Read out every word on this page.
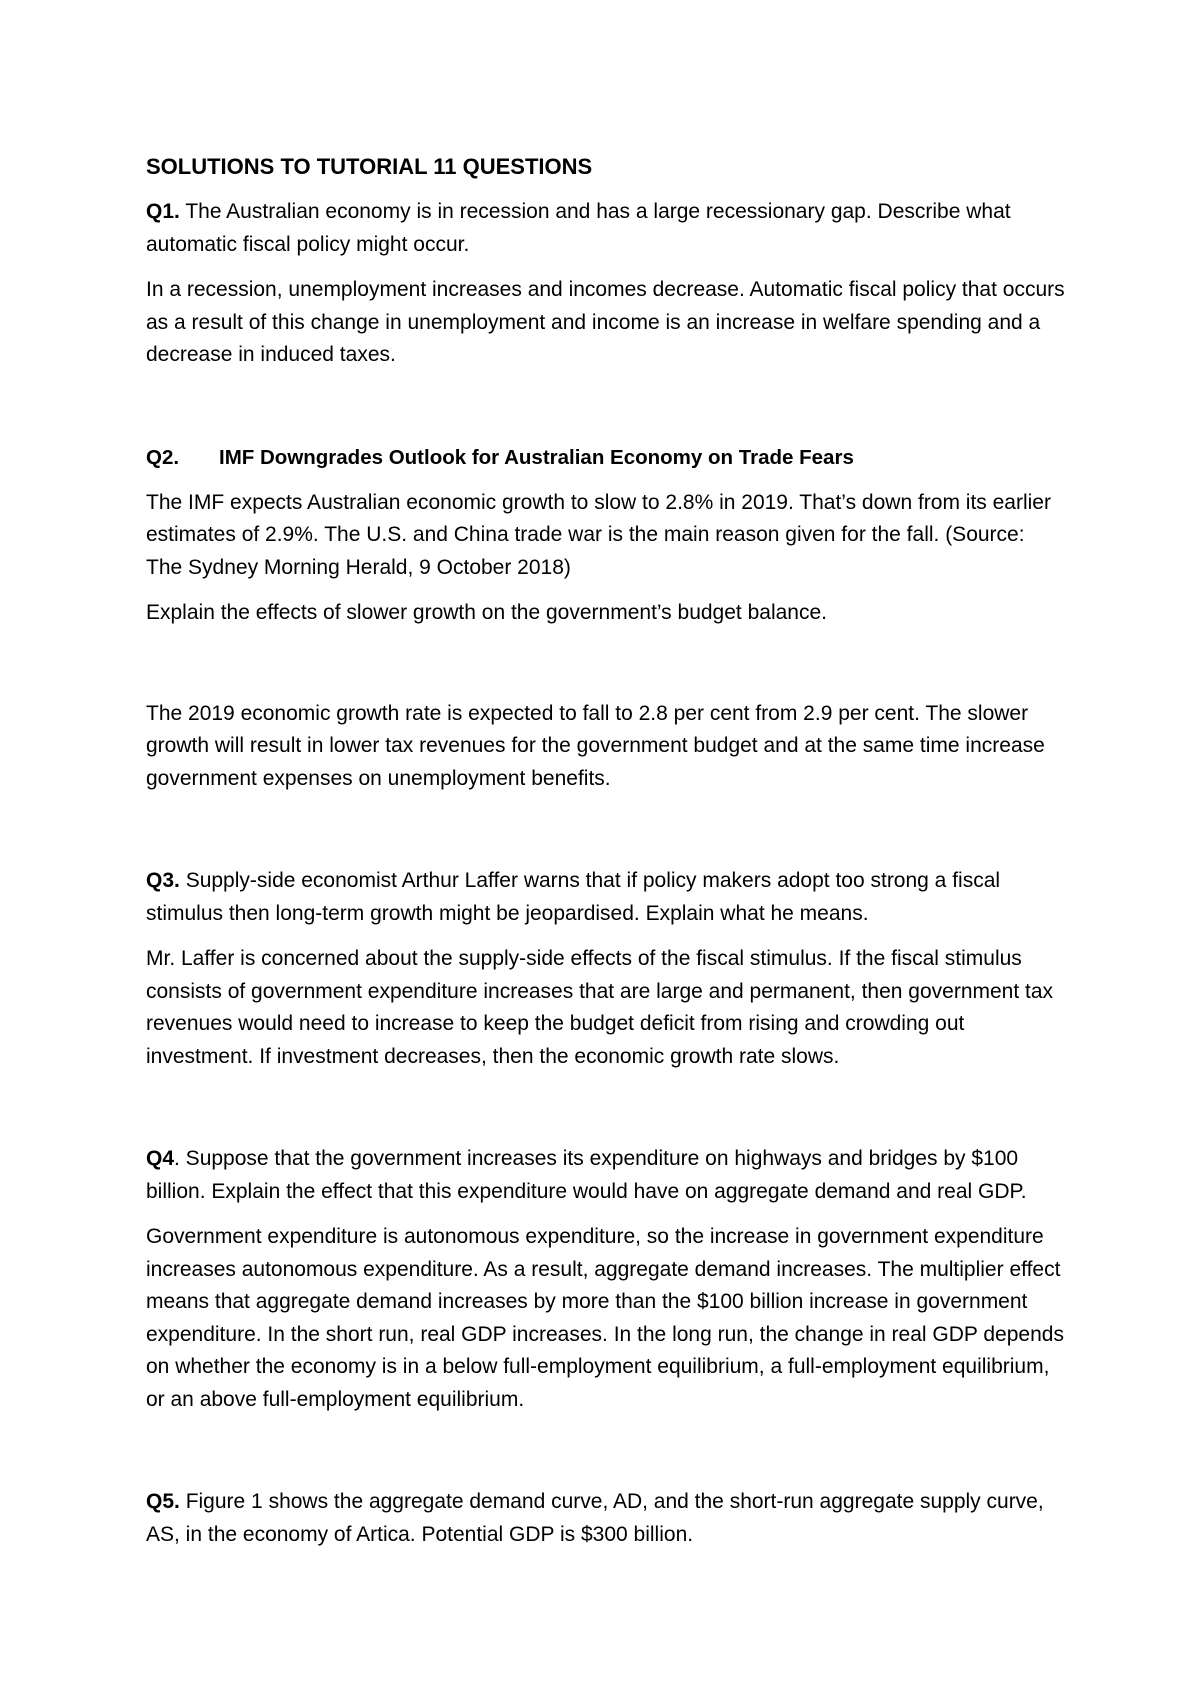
SOLUTIONS TO TUTORIAL 11 QUESTIONS
Q1. The Australian economy is in recession and has a large recessionary gap. Describe what automatic fiscal policy might occur.
In a recession, unemployment increases and incomes decrease. Automatic fiscal policy that occurs as a result of this change in unemployment and income is an increase in welfare spending and a decrease in induced taxes.
Q2. IMF Downgrades Outlook for Australian Economy on Trade Fears
The IMF expects Australian economic growth to slow to 2.8% in 2019. That’s down from its earlier estimates of 2.9%. The U.S. and China trade war is the main reason given for the fall. (Source: The Sydney Morning Herald, 9 October 2018)
Explain the effects of slower growth on the government’s budget balance.
The 2019 economic growth rate is expected to fall to 2.8 per cent from 2.9 per cent. The slower growth will result in lower tax revenues for the government budget and at the same time increase government expenses on unemployment benefits.
Q3. Supply-side economist Arthur Laffer warns that if policy makers adopt too strong a fiscal stimulus then long-term growth might be jeopardised. Explain what he means.
Mr. Laffer is concerned about the supply-side effects of the fiscal stimulus. If the fiscal stimulus consists of government expenditure increases that are large and permanent, then government tax revenues would need to increase to keep the budget deficit from rising and crowding out investment. If investment decreases, then the economic growth rate slows.
Q4. Suppose that the government increases its expenditure on highways and bridges by $100 billion. Explain the effect that this expenditure would have on aggregate demand and real GDP.
Government expenditure is autonomous expenditure, so the increase in government expenditure increases autonomous expenditure. As a result, aggregate demand increases. The multiplier effect means that aggregate demand increases by more than the $100 billion increase in government expenditure. In the short run, real GDP increases. In the long run, the change in real GDP depends on whether the economy is in a below full-employment equilibrium, a full-employment equilibrium, or an above full-employment equilibrium.
Q5. Figure 1 shows the aggregate demand curve, AD, and the short-run aggregate supply curve, AS, in the economy of Artica. Potential GDP is $300 billion.
